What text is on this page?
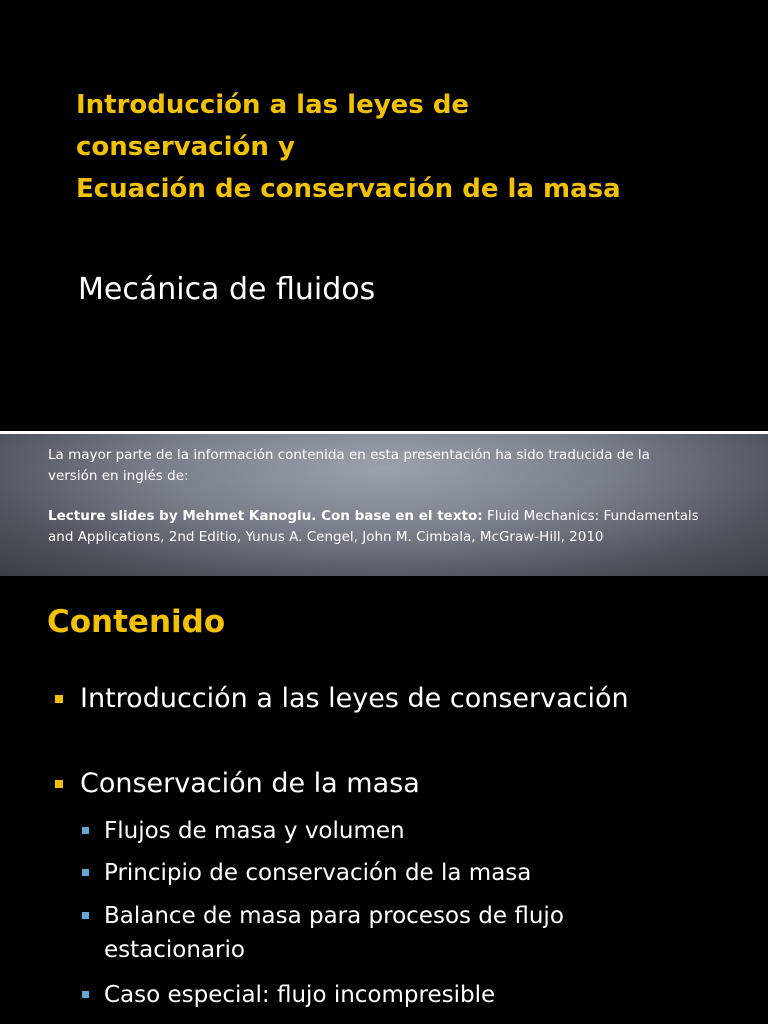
Introducción a las leyes de
conservación y
Ecuación de conservación de la masa

Mecánica de fluidos

La mayor parte de la información contenida en esta presentación ha sido traducida de la
versión en inglés de:

Lecture slides by Mehmet Kanoglu. Con base en el texto: Fluid Mechanics: Fundamentals
and Applications, 2nd Editio, Yunus A. Cengel, John M. Cimbala, McGraw-Hill, 2010

Contenido
Introducción a las leyes de conservación
Conservación de la masa
Flujos de masa y volumen
Principio de conservación de la masa
Balance de masa para procesos de flujo
estacionario
Caso especial: flujo incompresible
